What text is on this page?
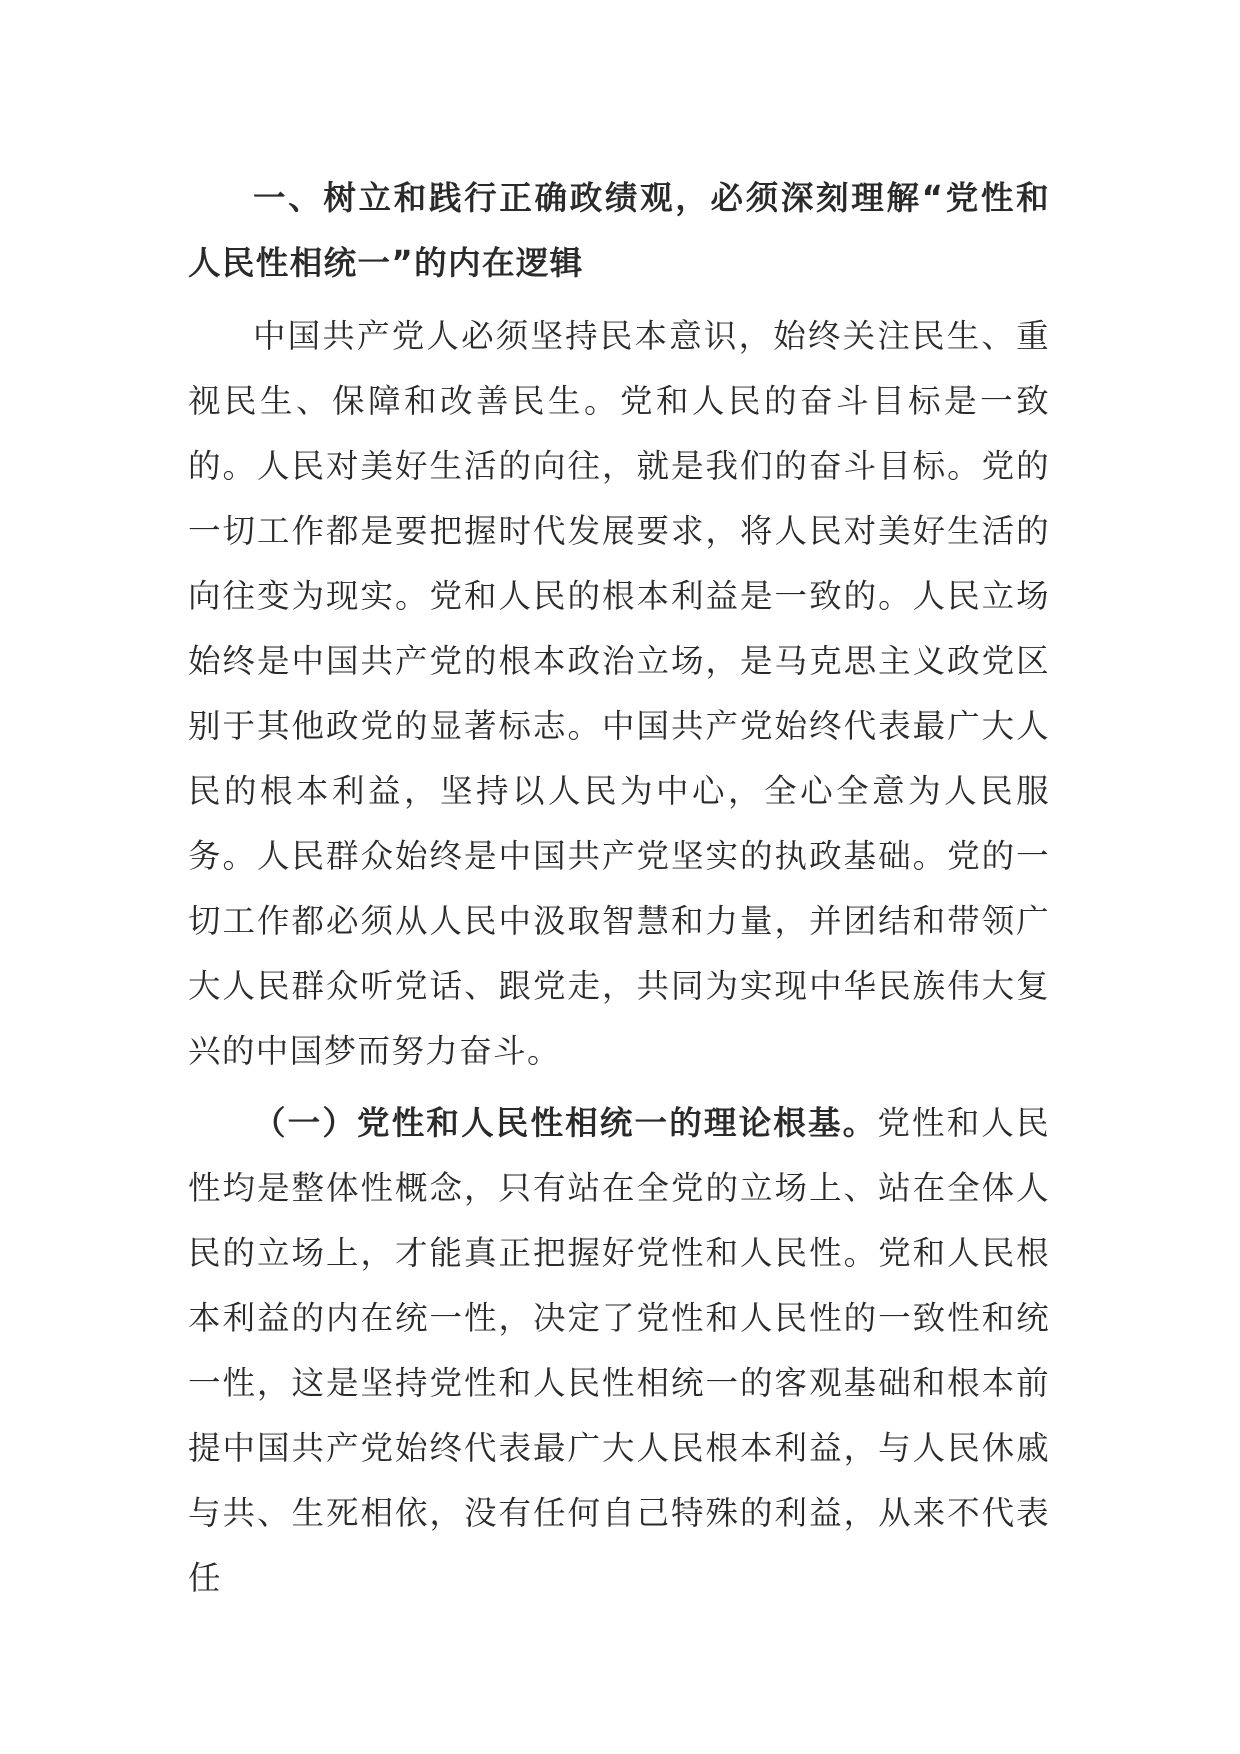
一、树立和践行正确政绩观，必须深刻理解“党性和人民性相统一”的内在逻辑

中国共产党人必须坚持民本意识，始终关注民生、重视民生、保障和改善民生。党和人民的奋斗目标是一致的。人民对美好生活的向往，就是我们的奋斗目标。党的一切工作都是要把握时代发展要求，将人民对美好生活的向往变为现实。党和人民的根本利益是一致的。人民立场始终是中国共产党的根本政治立场，是马克思主义政党区别于其他政党的显著标志。中国共产党始终代表最广大人民的根本利益，坚持以人民为中心，全心全意为人民服务。人民群众始终是中国共产党坚实的执政基础。党的一切工作都必须从人民中汲取智慧和力量，并团结和带领广大人民群众听党话、跟党走，共同为实现中华民族伟大复兴的中国梦而努力奋斗。

（一）党性和人民性相统一的理论根基。党性和人民性均是整体性概念，只有站在全党的立场上、站在全体人民的立场上，才能真正把握好党性和人民性。党和人民根本利益的内在统一性，决定了党性和人民性的一致性和统一性，这是坚持党性和人民性相统一的客观基础和根本前提中国共产党始终代表最广大人民根本利益，与人民休戚与共、生死相依，没有任何自己特殊的利益，从来不代表任
